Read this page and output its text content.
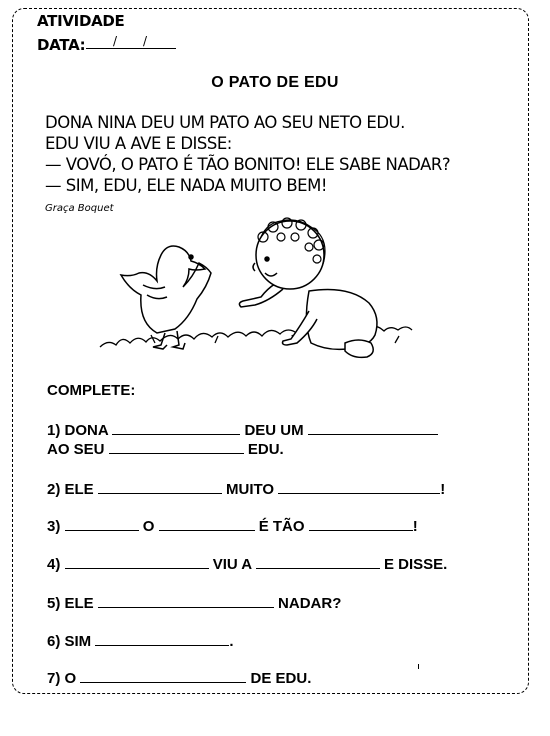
ATIVIDADE
DATA: / /
O PATO DE EDU
DONA NINA DEU UM PATO AO SEU NETO EDU.
EDU VIU A AVE E DISSE:
— VOVÓ, O PATO É TÃO BONITO! ELE SABE NADAR?
— SIM, EDU, ELE NADA MUITO BEM!
Graça Boquet
COMPLETE:
1) DONA	DEU UM
AO SEU	EDU.
2) ELE	MUITO	!
3)	O	É TÃO	!
4)	VIU A	E DISSE.
5) ELE	NADAR?
6) SIM	.
7) O	DE EDU.
